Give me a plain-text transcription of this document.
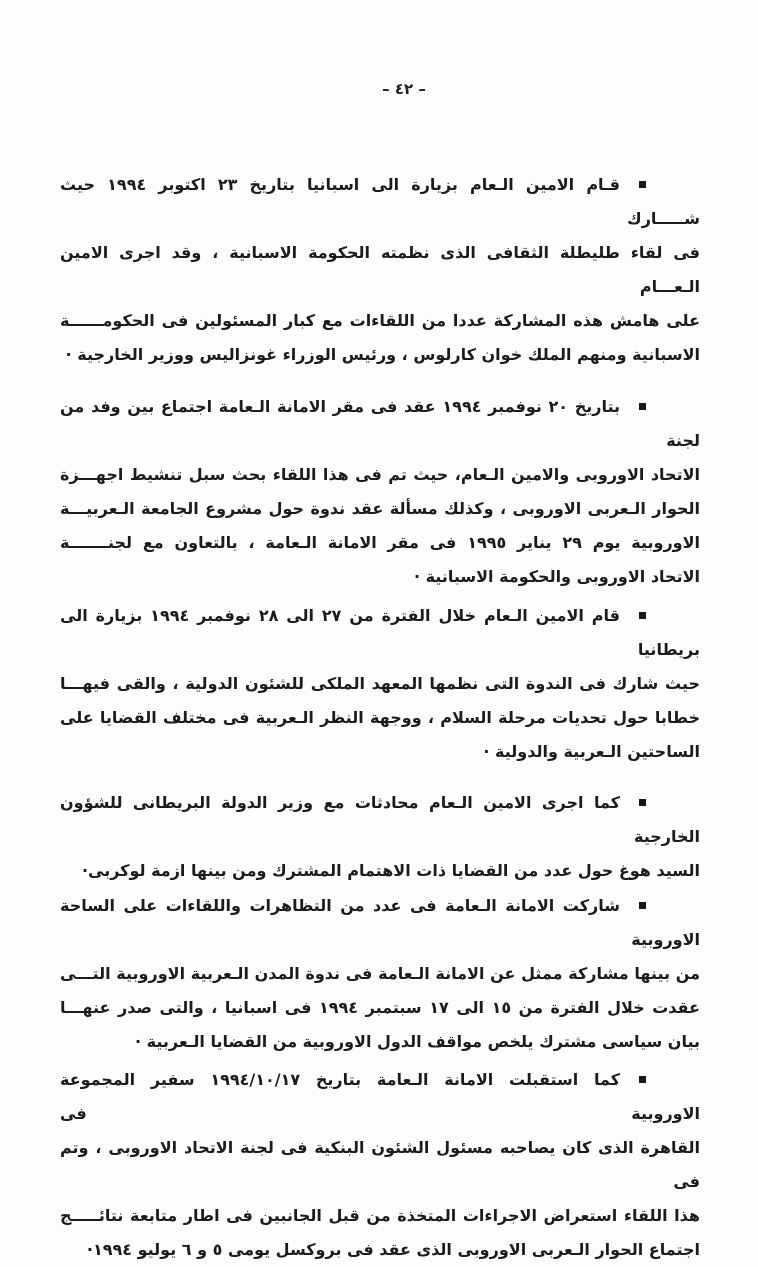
– ٤٢ –
قـام الامين الـعام بزيارة الى اسبانيا بتاريخ ٢٣ اكتوبر ١٩٩٤ حيث شـــــارك
فى لقاء طليطلة الثقافى الذى نظمته الحكومة الاسبانية ، وقد اجرى الامين الـعـــام
على هامش هذه المشاركة عددا من اللقاءات مع كبار المسئولين فى الحكومــــــة
الاسبانية ومنهم الملك خوان كارلوس ، ورئيس الوزراء غونزاليس ووزير الخارجية ·
بتاريخ ٢٠ نوفمبر ١٩٩٤ عقد فى مقر الامانة الـعامة اجتماع بين وفد من لجنة
الاتحاد الاوروبى والامين الـعام، حيث تم فى هذا اللقاء بحث سبل تنشيط اجهـــزة
الحوار الـعربى الاوروبى ، وكذلك مسألة عقد ندوة حول مشروع الجامعة الـعربيـــة
الاوروبية يوم ٢٩ يناير ١٩٩٥ فى مقر الامانة الـعامة ، بالتعاون مع لجنـــــــة
الاتحاد الاوروبى والحكومة الاسبانية ·
قام الامين الـعام خلال الفترة من ٢٧ الى ٢٨ نوفمبر ١٩٩٤ بزيارة الى بريطانيا
حيث شارك فى الندوة التى نظمها المعهد الملكى للشئون الدولية ، والقى فيهـــا
خطابا حول تحديات مرحلة السلام ، ووجهة النظر الـعربية فى مختلف القضايا على
الساحتين الـعربية والدولية ·
كما اجرى الامين الـعام محادثات مع وزير الدولة البريطانى للشؤون الخارجية
السيد هوغ حول عدد من القضايا ذات الاهتمام المشترك ومن بينها ازمة لوكربى·
شاركت الامانة الـعامة فى عدد من التظاهرات واللقاءات على الساحة الاوروبية
من بينها مشاركة ممثل عن الامانة الـعامة فى ندوة المدن الـعربية الاوروبية التـــى
عقدت خلال الفترة من ١٥ الى ١٧ سبتمبر ١٩٩٤ فى اسبانيا ، والتى صدر عنهـــا
بيان سياسى مشترك يلخص مواقف الدول الاوروبية من القضايا الـعربية ·
كما استقبلت الامانة الـعامة بتاريخ ١٩٩٤/١٠/١٧ سفير المجموعة الاوروبية فى
القاهرة الذى كان يصاحبه مسئول الشئون البنكية فى لجنة الاتحاد الاوروبى ، وتم فى
هذا اللقاء استعراض الاجراءات المتخذة من قبل الجانبين فى اطار متابعة نتائـــــج
اجتماع الحوار الـعربى الاوروبى الذى عقد فى بروكسل يومى ٥ و ٦ يوليو ١٩٩٤·
